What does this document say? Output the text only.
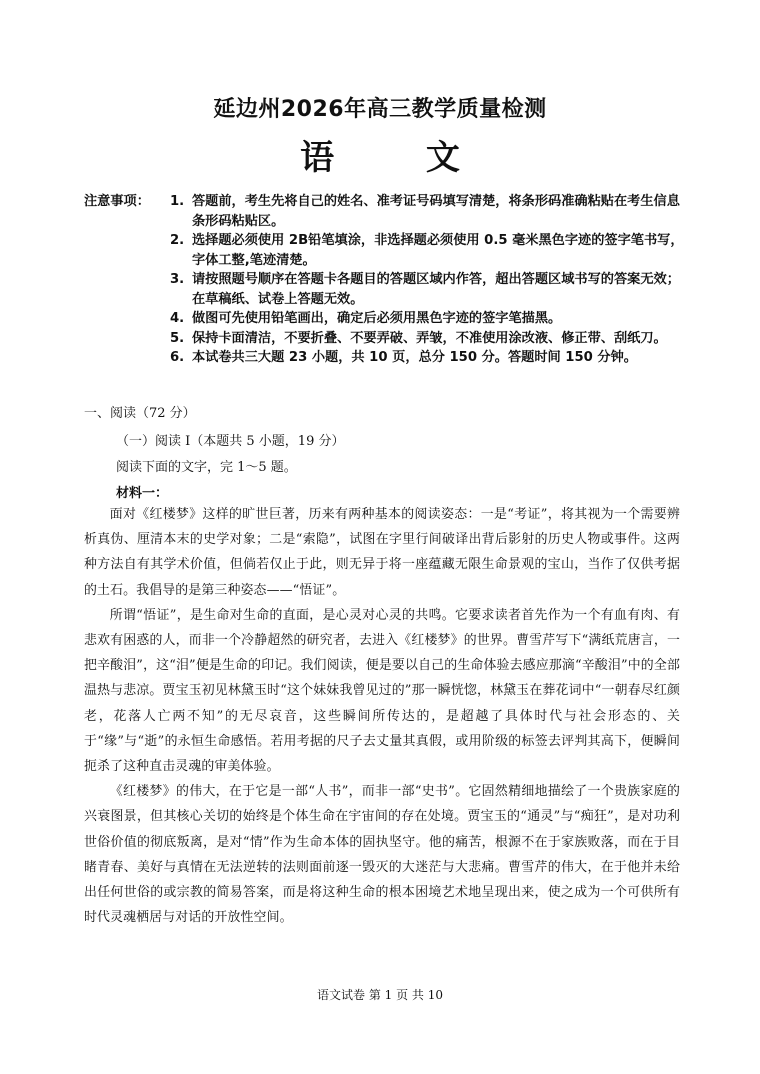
延边州2026年高三教学质量检测
语 文
注意事项：	1. 答题前，考生先将自己的姓名、准考证号码填写清楚，将条形码准确粘贴在考生信息条形码粘贴区。
2. 选择题必须使用 2B铅笔填涂，非选择题必须使用 0.5 毫米黑色字迹的签字笔书写，字体工整,笔迹清楚。
3. 请按照题号顺序在答题卡各题目的答题区域内作答，超出答题区域书写的答案无效；在草稿纸、试卷上答题无效。
4. 做图可先使用铅笔画出，确定后必须用黑色字迹的签字笔描黑。
5. 保持卡面清洁，不要折叠、不要弄破、弄皱，不准使用涂改液、修正带、刮纸刀。
6. 本试卷共三大题 23 小题，共 10 页，总分 150 分。答题时间 150 分钟。
一、阅读（72 分）
（一）阅读 Ⅰ（本题共 5 小题，19 分）
阅读下面的文字，完 1～5 题。
材料一：

面对《红楼梦》这样的旷世巨著，历来有两种基本的阅读姿态：一是“考证”，将其视为一个需要辨析真伪、厘清本末的史学对象；二是“索隐”，试图在字里行间破译出背后影射的历史人物或事件。这两种方法自有其学术价值，但倘若仅止于此，则无异于将一座蕴藏无限生命景观的宝山，当作了仅供考据的土石。我倡导的是第三种姿态——“悟证”。

所谓“悟证”，是生命对生命的直面，是心灵对心灵的共鸣。它要求读者首先作为一个有血有肉、有悲欢有困惑的人，而非一个冷静超然的研究者，去进入《红楼梦》的世界。曹雪芹写下“满纸荒唐言，一把辛酸泪”，这“泪”便是生命的印记。我们阅读，便是要以自己的生命体验去感应那滴“辛酸泪”中的全部温热与悲凉。贾宝玉初见林黛玉时“这个妹妹我曾见过的”那一瞬恍惚，林黛玉在葬花词中“一朝春尽红颜老，花落人亡两不知”的无尽哀音，这些瞬间所传达的，是超越了具体时代与社会形态的、关于“缘”与“逝”的永恒生命感悟。若用考据的尺子去丈量其真假，或用阶级的标签去评判其高下，便瞬间扼杀了这种直击灵魂的审美体验。

《红楼梦》的伟大，在于它是一部“人书”，而非一部“史书”。它固然精细地描绘了一个贵族家庭的兴衰图景，但其核心关切的始终是个体生命在宇宙间的存在处境。贾宝玉的“通灵”与“痴狂”，是对功利世俗价值的彻底叛离，是对“情”作为生命本体的固执坚守。他的痛苦，根源不在于家族败落，而在于目睹青春、美好与真情在无法逆转的法则面前逐一毁灭的大迷茫与大悲痛。曹雪芹的伟大，在于他并未给出任何世俗的或宗教的简易答案，而是将这种生命的根本困境艺术地呈现出来，使之成为一个可供所有时代灵魂栖居与对话的开放性空间。

语文试卷 第 1 页 共 10
